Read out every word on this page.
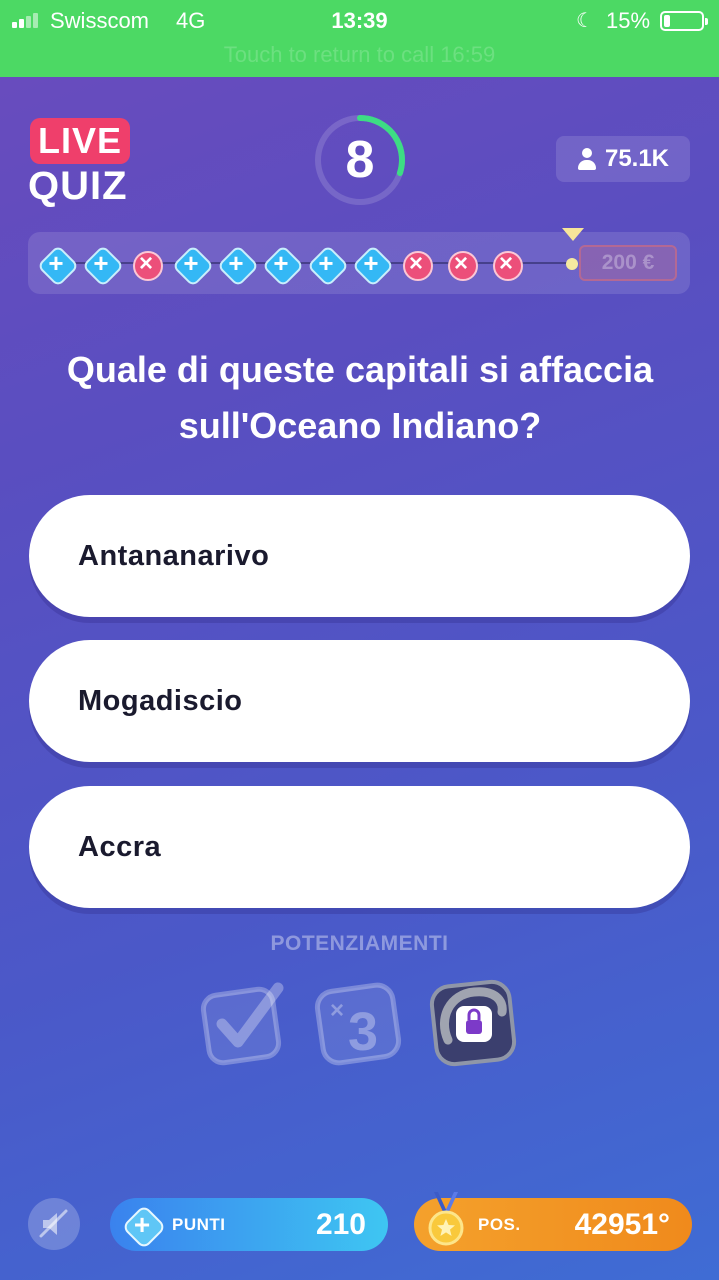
Swisscom 4G	13:39	☾ 15%
Touch to return to call 16:59
LIVE
QUIZ	8	75.1K
+
+
×
+
+
+
+
+
×
×
×
200 €
Quale di queste capitali si affaccia sull'Oceano Indiano?
Antananarivo
Mogadiscio
Accra
POTENZIAMENTI
× 3
+
PUNTI	210	POS. 42951°
